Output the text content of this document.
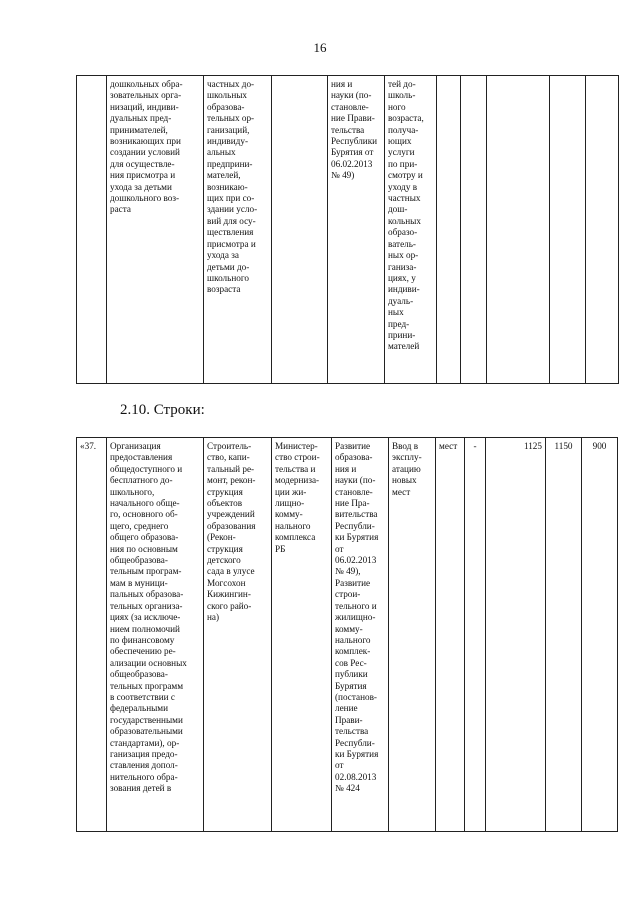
16
	дошкольных обра-
зовательных орга-
низаций, индиви-
дуальных пред-
принимателей,
возникающих при
создании условий
для осуществле-
ния присмотра и
ухода за детьми
дошкольного воз-
раста	частных до-
школьных
образова-
тельных ор-
ганизаций,
индивиду-
альных
предприни-
мателей,
возникаю-
щих при со-
здании усло-
вий для осу-
ществления
присмотра и
ухода за
детьми до-
школьного
возраста		ния и
науки (по-
становле-
ние Прави-
тельства
Республики
Бурятия от
06.02.2013
№ 49)	тей до-
школь-
ного
возраста,
получа-
ющих
услуги
по при-
смотру и
уходу в
частных
дош-
кольных
образо-
ватель-
ных ор-
ганиза-
циях, у
индиви-
дуаль-
ных
пред-
прини-
мателей					
2.10. Строки:
«37.	Организация
предоставления
общедоступного и
бесплатного до-
школьного,
начального обще-
го, основного об-
щего, среднего
общего образова-
ния по основным
общеобразова-
тельным програм-
мам в муници-
пальных образова-
тельных организа-
циях (за исключе-
нием полномочий
по финансовому
обеспечению ре-
ализации основных
общеобразова-
тельных программ
в соответствии с
федеральными
государственными
образовательными
стандартами), ор-
ганизация предо-
ставления допол-
нительного обра-
зования детей в	Строитель-
ство, капи-
тальный ре-
монт, рекон-
струкция
объектов
учреждений
образования
(Рекон-
струкция
детского
сада в улусе
Могсохон
Кижингин-
ского райо-
на)	Министер-
ство строи-
тельства и
модерниза-
ции жи-
лищно-
комму-
нального
комплекса
РБ	Развитие
образова-
ния и
науки (по-
становле-
ние Пра-
вительства
Республи-
ки Бурятия
от
06.02.2013
№ 49),
Развитие
строи-
тельного и
жилищно-
комму-
нального
комплек-
сов Рес-
публики
Бурятия
(постанов-
ление
Прави-
тельства
Республи-
ки Бурятия
от
02.08.2013
№ 424	Ввод в
экcплу-
атацию
новых
мест	мест	-	1125	1150	900
